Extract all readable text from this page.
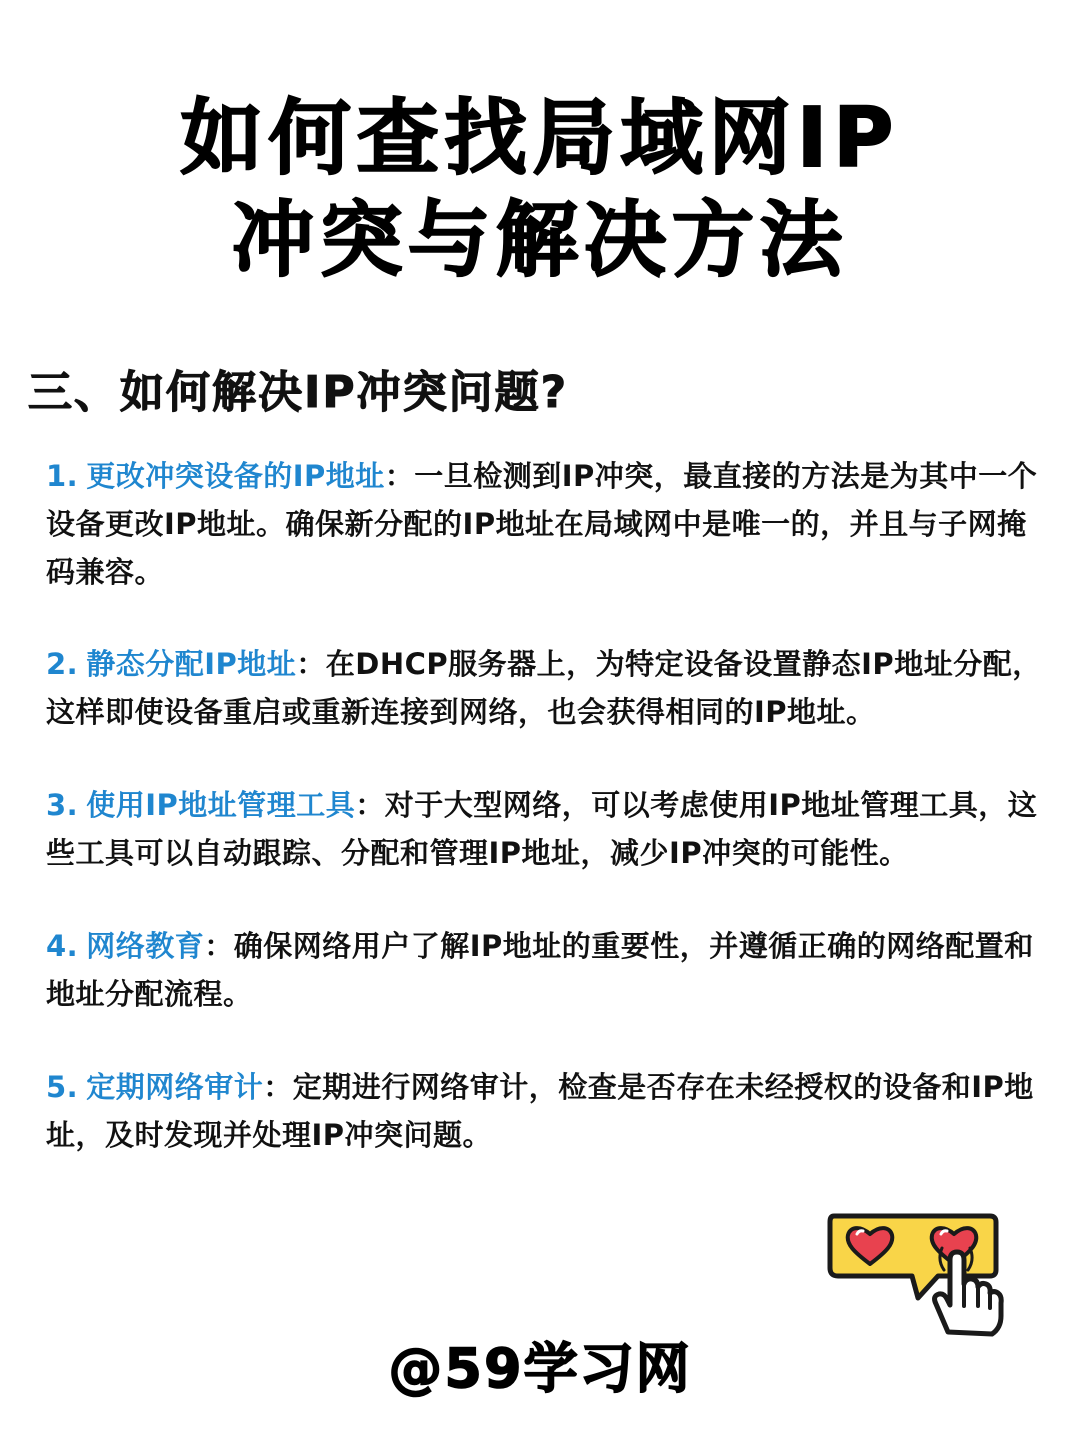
如何查找局域网IP
冲突与解决方法
三、如何解决IP冲突问题?
1. 更改冲突设备的IP地址：一旦检测到IP冲突，最直接的方法是为其中一个设备更改IP地址。确保新分配的IP地址在局域网中是唯一的，并且与子网掩码兼容。
2. 静态分配IP地址：在DHCP服务器上，为特定设备设置静态IP地址分配，这样即使设备重启或重新连接到网络，也会获得相同的IP地址。
3. 使用IP地址管理工具：对于大型网络，可以考虑使用IP地址管理工具，这些工具可以自动跟踪、分配和管理IP地址，减少IP冲突的可能性。
4. 网络教育：确保网络用户了解IP地址的重要性，并遵循正确的网络配置和地址分配流程。
5. 定期网络审计：定期进行网络审计，检查是否存在未经授权的设备和IP地址，及时发现并处理IP冲突问题。
@59学习网
